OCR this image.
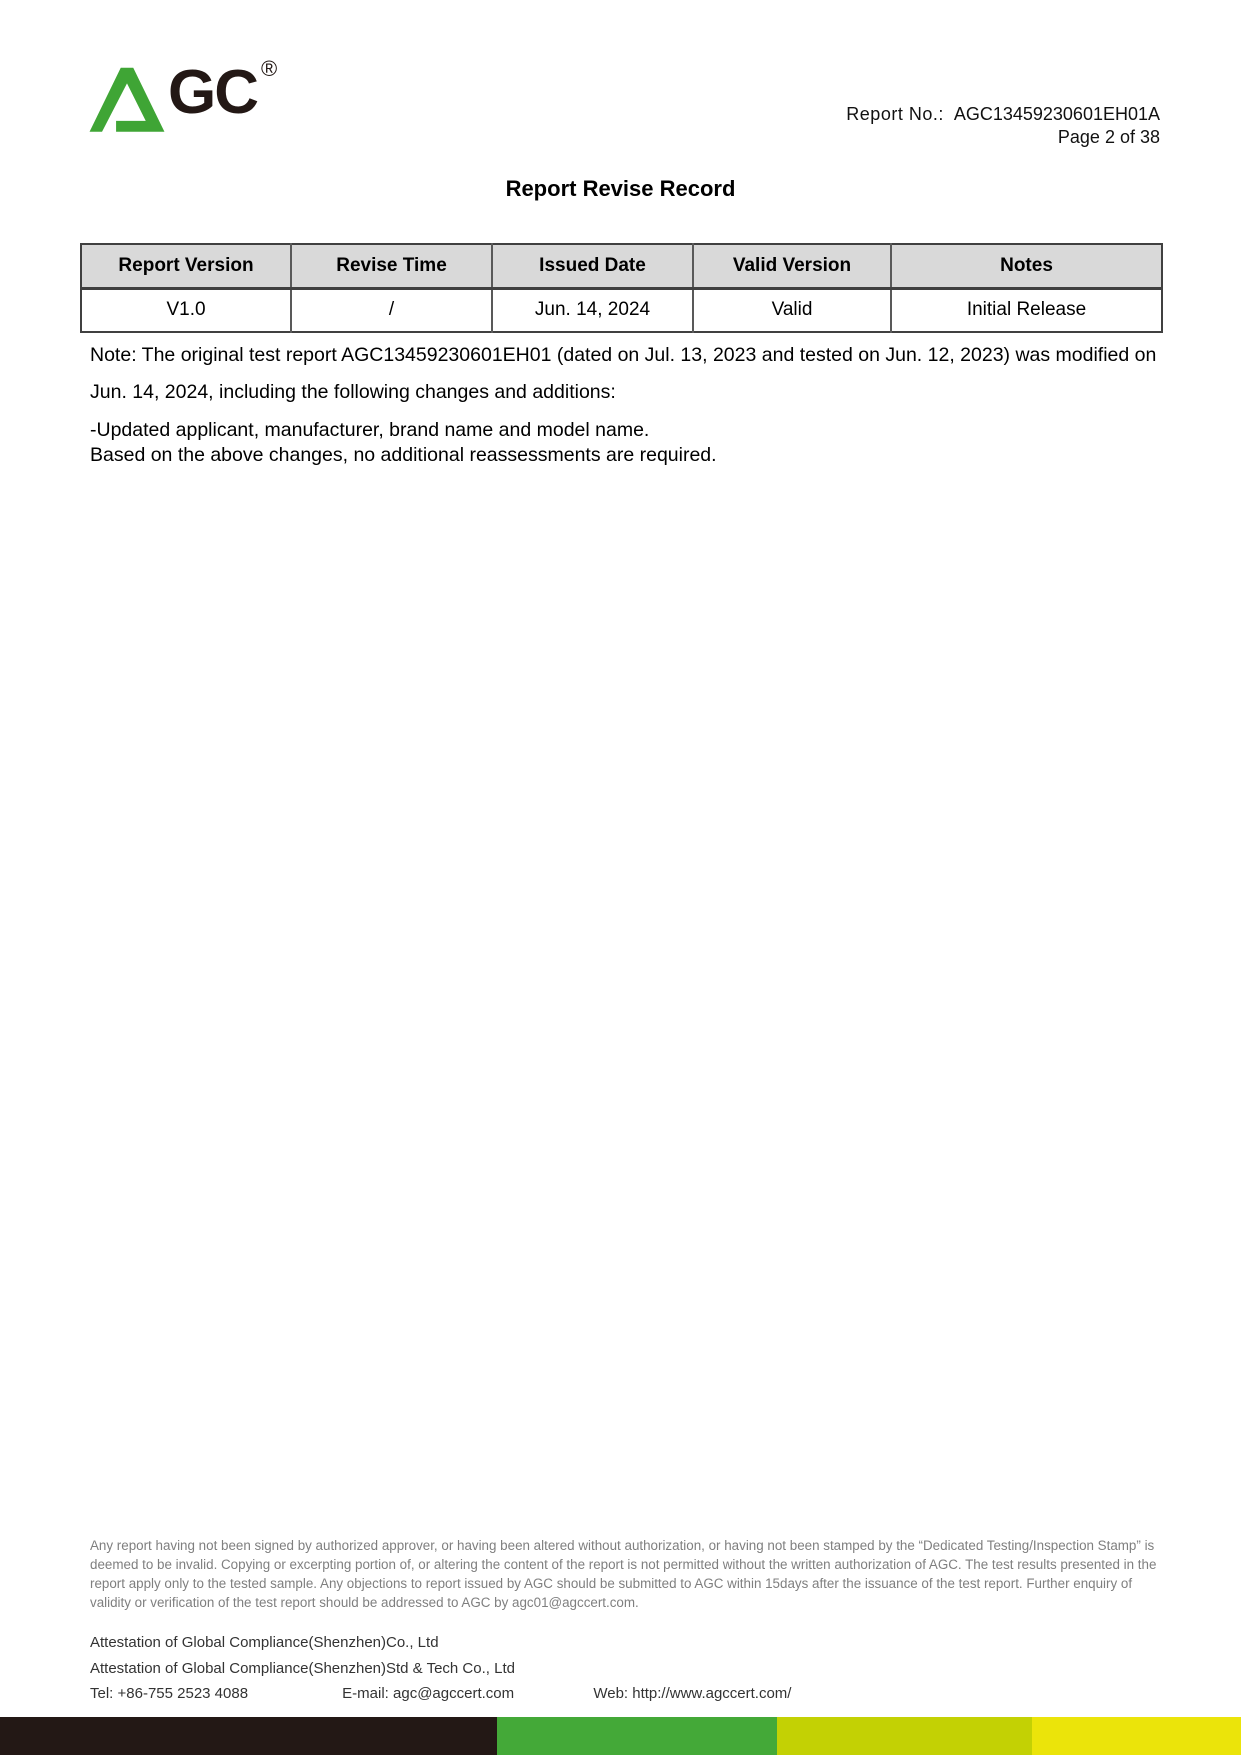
GC ®
Report No.: AGC13459230601EH01A
Page 2 of 38
Report Revise Record
Report Version	Revise Time	Issued Date	Valid Version	Notes
V1.0	/	Jun. 14, 2024	Valid	Initial Release

Note: The original test report AGC13459230601EH01 (dated on Jul. 13, 2023 and tested on Jun. 12, 2023) was modified on Jun. 14, 2024, including the following changes and additions:

-Updated applicant, manufacturer, brand name and model name.

Based on the above changes, no additional reassessments are required.

Any report having not been signed by authorized approver, or having been altered without authorization, or having not been stamped by the “Dedicated Testing/Inspection Stamp” is deemed to be invalid. Copying or excerpting portion of, or altering the content of the report is not permitted without the written authorization of AGC. The test results presented in the report apply only to the tested sample. Any objections to report issued by AGC should be submitted to AGC within 15days after the issuance of the test report. Further enquiry of validity or verification of the test report should be addressed to AGC by agc01@agccert.com.

Attestation of Global Compliance(Shenzhen)Co., Ltd
Attestation of Global Compliance(Shenzhen)Std & Tech Co., Ltd
Tel: +86-755 2523 4088	E-mail: agc@agccert.com	Web: http://www.agccert.com/
